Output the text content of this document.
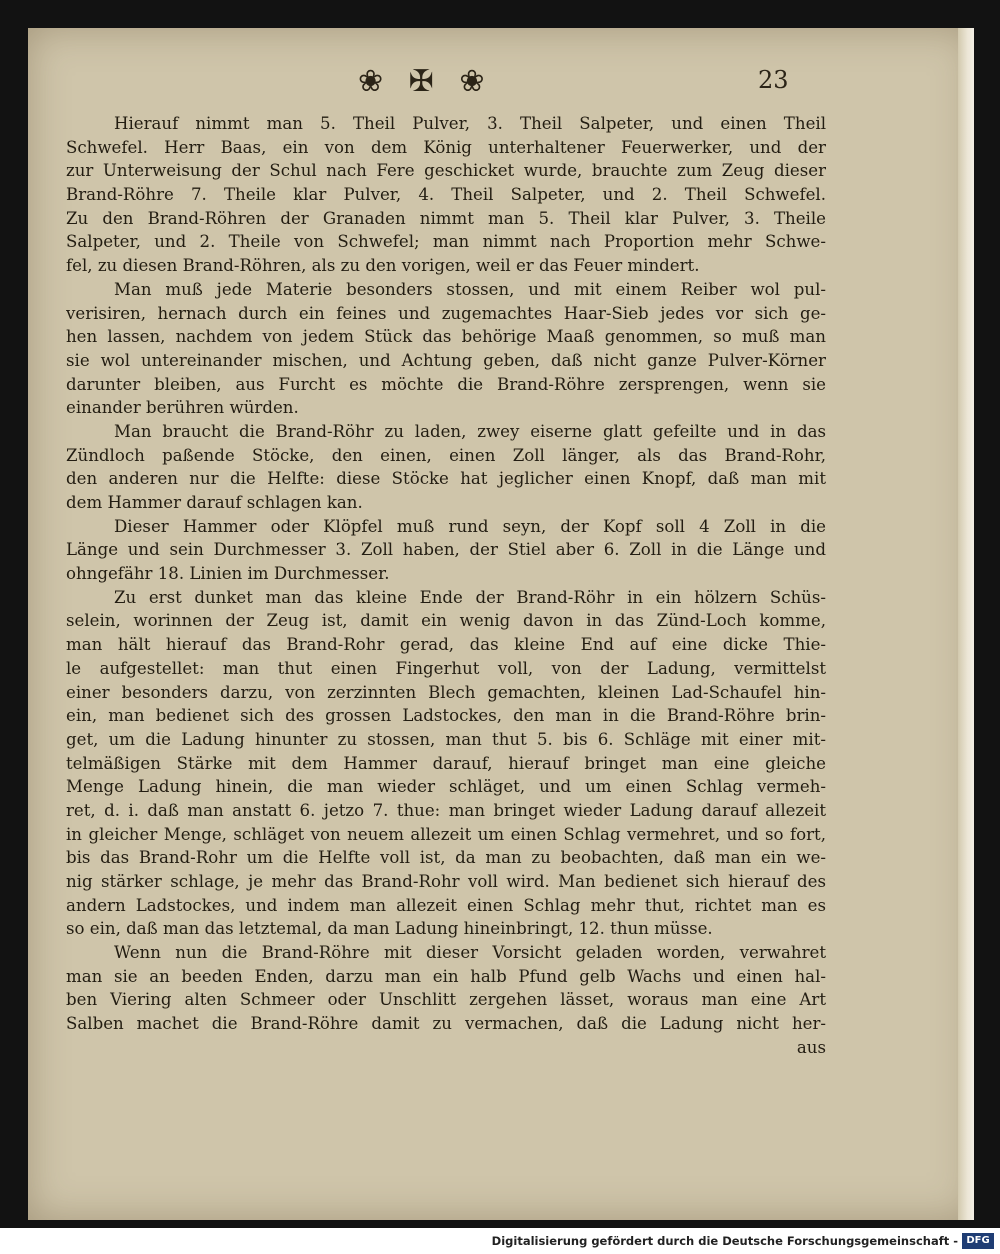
❀ ✠ ❀	23
Hierauf nimmt man 5. Theil Pulver, 3. Theil Salpeter, und einen Theil
Schwefel. Herr Baas, ein von dem König unterhaltener Feuerwerker, und der
zur Unterweisung der Schul nach Fere geschicket wurde, brauchte zum Zeug dieser
Brand-Röhre 7. Theile klar Pulver, 4. Theil Salpeter, und 2. Theil Schwefel.
Zu den Brand-Röhren der Granaden nimmt man 5. Theil klar Pulver, 3. Theile
Salpeter, und 2. Theile von Schwefel; man nimmt nach Proportion mehr Schwe-
fel, zu diesen Brand-Röhren, als zu den vorigen, weil er das Feuer mindert.
Man muß jede Materie besonders stossen, und mit einem Reiber wol pul-
verisiren, hernach durch ein feines und zugemachtes Haar-Sieb jedes vor sich ge-
hen lassen, nachdem von jedem Stück das behörige Maaß genommen, so muß man
sie wol untereinander mischen, und Achtung geben, daß nicht ganze Pulver-Körner
darunter bleiben, aus Furcht es möchte die Brand-Röhre zersprengen, wenn sie
einander berühren würden.
Man braucht die Brand-Röhr zu laden, zwey eiserne glatt gefeilte und in das
Zündloch paßende Stöcke, den einen, einen Zoll länger, als das Brand-Rohr,
den anderen nur die Helfte: diese Stöcke hat jeglicher einen Knopf, daß man mit
dem Hammer darauf schlagen kan.
Dieser Hammer oder Klöpfel muß rund seyn, der Kopf soll 4 Zoll in die
Länge und sein Durchmesser 3. Zoll haben, der Stiel aber 6. Zoll in die Länge und
ohngefähr 18. Linien im Durchmesser.
Zu erst dunket man das kleine Ende der Brand-Röhr in ein hölzern Schüs-
selein, worinnen der Zeug ist, damit ein wenig davon in das Zünd-Loch komme,
man hält hierauf das Brand-Rohr gerad, das kleine End auf eine dicke Thie-
le aufgestellet: man thut einen Fingerhut voll, von der Ladung, vermittelst
einer besonders darzu, von zerzinnten Blech gemachten, kleinen Lad-Schaufel hin-
ein, man bedienet sich des grossen Ladstockes, den man in die Brand-Röhre brin-
get, um die Ladung hinunter zu stossen, man thut 5. bis 6. Schläge mit einer mit-
telmäßigen Stärke mit dem Hammer darauf, hierauf bringet man eine gleiche
Menge Ladung hinein, die man wieder schläget, und um einen Schlag vermeh-
ret, d. i. daß man anstatt 6. jetzo 7. thue: man bringet wieder Ladung darauf allezeit
in gleicher Menge, schläget von neuem allezeit um einen Schlag vermehret, und so fort,
bis das Brand-Rohr um die Helfte voll ist, da man zu beobachten, daß man ein we-
nig stärker schlage, je mehr das Brand-Rohr voll wird. Man bedienet sich hierauf des
andern Ladstockes, und indem man allezeit einen Schlag mehr thut, richtet man es
so ein, daß man das letztemal, da man Ladung hineinbringt, 12. thun müsse.
Wenn nun die Brand-Röhre mit dieser Vorsicht geladen worden, verwahret
man sie an beeden Enden, darzu man ein halb Pfund gelb Wachs und einen hal-
ben Viering alten Schmeer oder Unschlitt zergehen lässet, woraus man eine Art
Salben machet die Brand-Röhre damit zu vermachen, daß die Ladung nicht her-
aus
Digitalisierung gefördert durch die Deutsche Forschungsgemeinschaft - DFG
